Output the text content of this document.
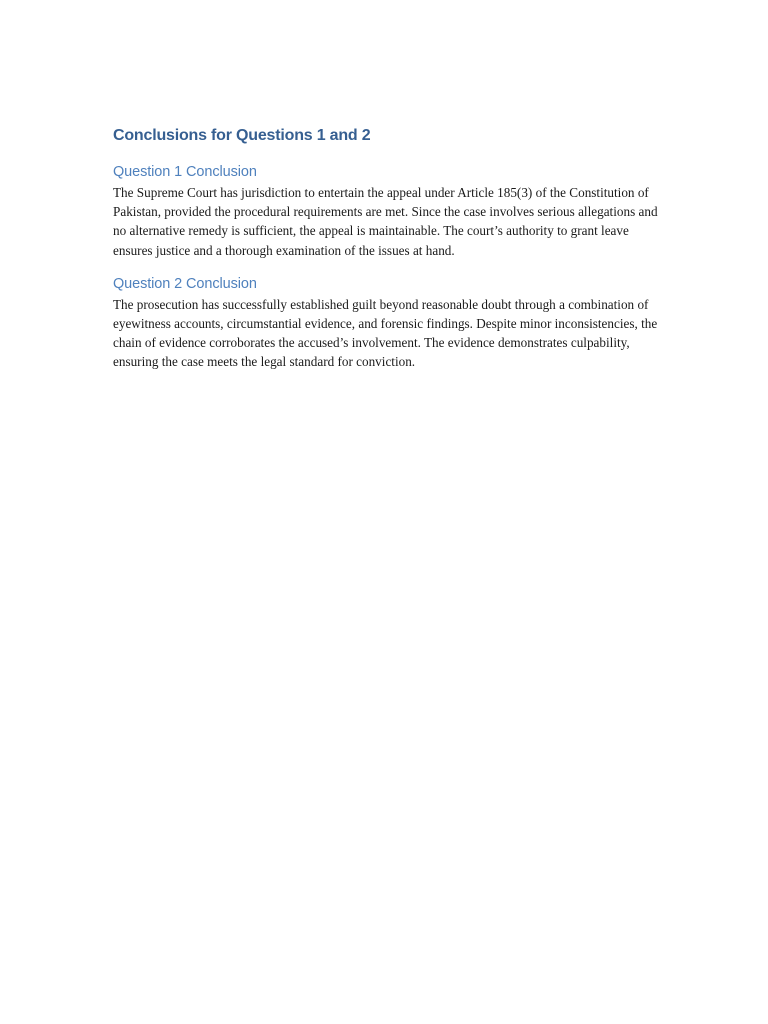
Conclusions for Questions 1 and 2
Question 1 Conclusion

The Supreme Court has jurisdiction to entertain the appeal under Article 185(3) of the Constitution of Pakistan, provided the procedural requirements are met. Since the case involves serious allegations and no alternative remedy is sufficient, the appeal is maintainable. The court’s authority to grant leave ensures justice and a thorough examination of the issues at hand.

Question 2 Conclusion

The prosecution has successfully established guilt beyond reasonable doubt through a combination of eyewitness accounts, circumstantial evidence, and forensic findings. Despite minor inconsistencies, the chain of evidence corroborates the accused’s involvement. The evidence demonstrates culpability, ensuring the case meets the legal standard for conviction.
